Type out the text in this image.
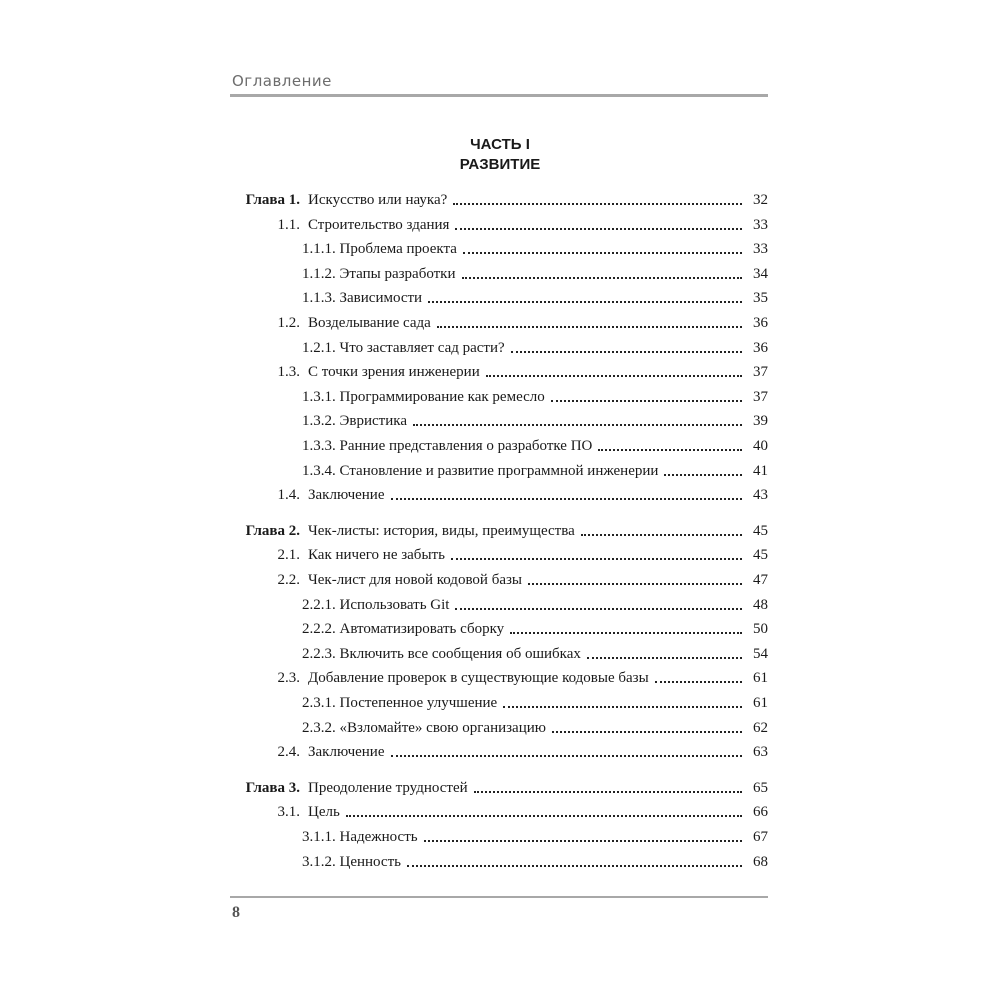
Оглавление
ЧАСТЬ I
РАЗВИТИЕ
Глава 1. Искусство или наука?	32
1.1. Строительство здания	33
1.1.1. Проблема проекта	33
1.1.2. Этапы разработки	34
1.1.3. Зависимости	35
1.2. Возделывание сада	36
1.2.1. Что заставляет сад расти?	36
1.3. С точки зрения инженерии	37
1.3.1. Программирование как ремесло	37
1.3.2. Эвристика	39
1.3.3. Ранние представления о разработке ПО	40
1.3.4. Становление и развитие программной инженерии	41
1.4. Заключение	43
Глава 2. Чек-листы: история, виды, преимущества	45
2.1. Как ничего не забыть	45
2.2. Чек-лист для новой кодовой базы	47
2.2.1. Использовать Git	48
2.2.2. Автоматизировать сборку	50
2.2.3. Включить все сообщения об ошибках	54
2.3. Добавление проверок в существующие кодовые базы	61
2.3.1. Постепенное улучшение	61
2.3.2. «Взломайте» свою организацию	62
2.4. Заключение	63
Глава 3. Преодоление трудностей	65
3.1. Цель	66
3.1.1. Надежность	67
3.1.2. Ценность	68
8
